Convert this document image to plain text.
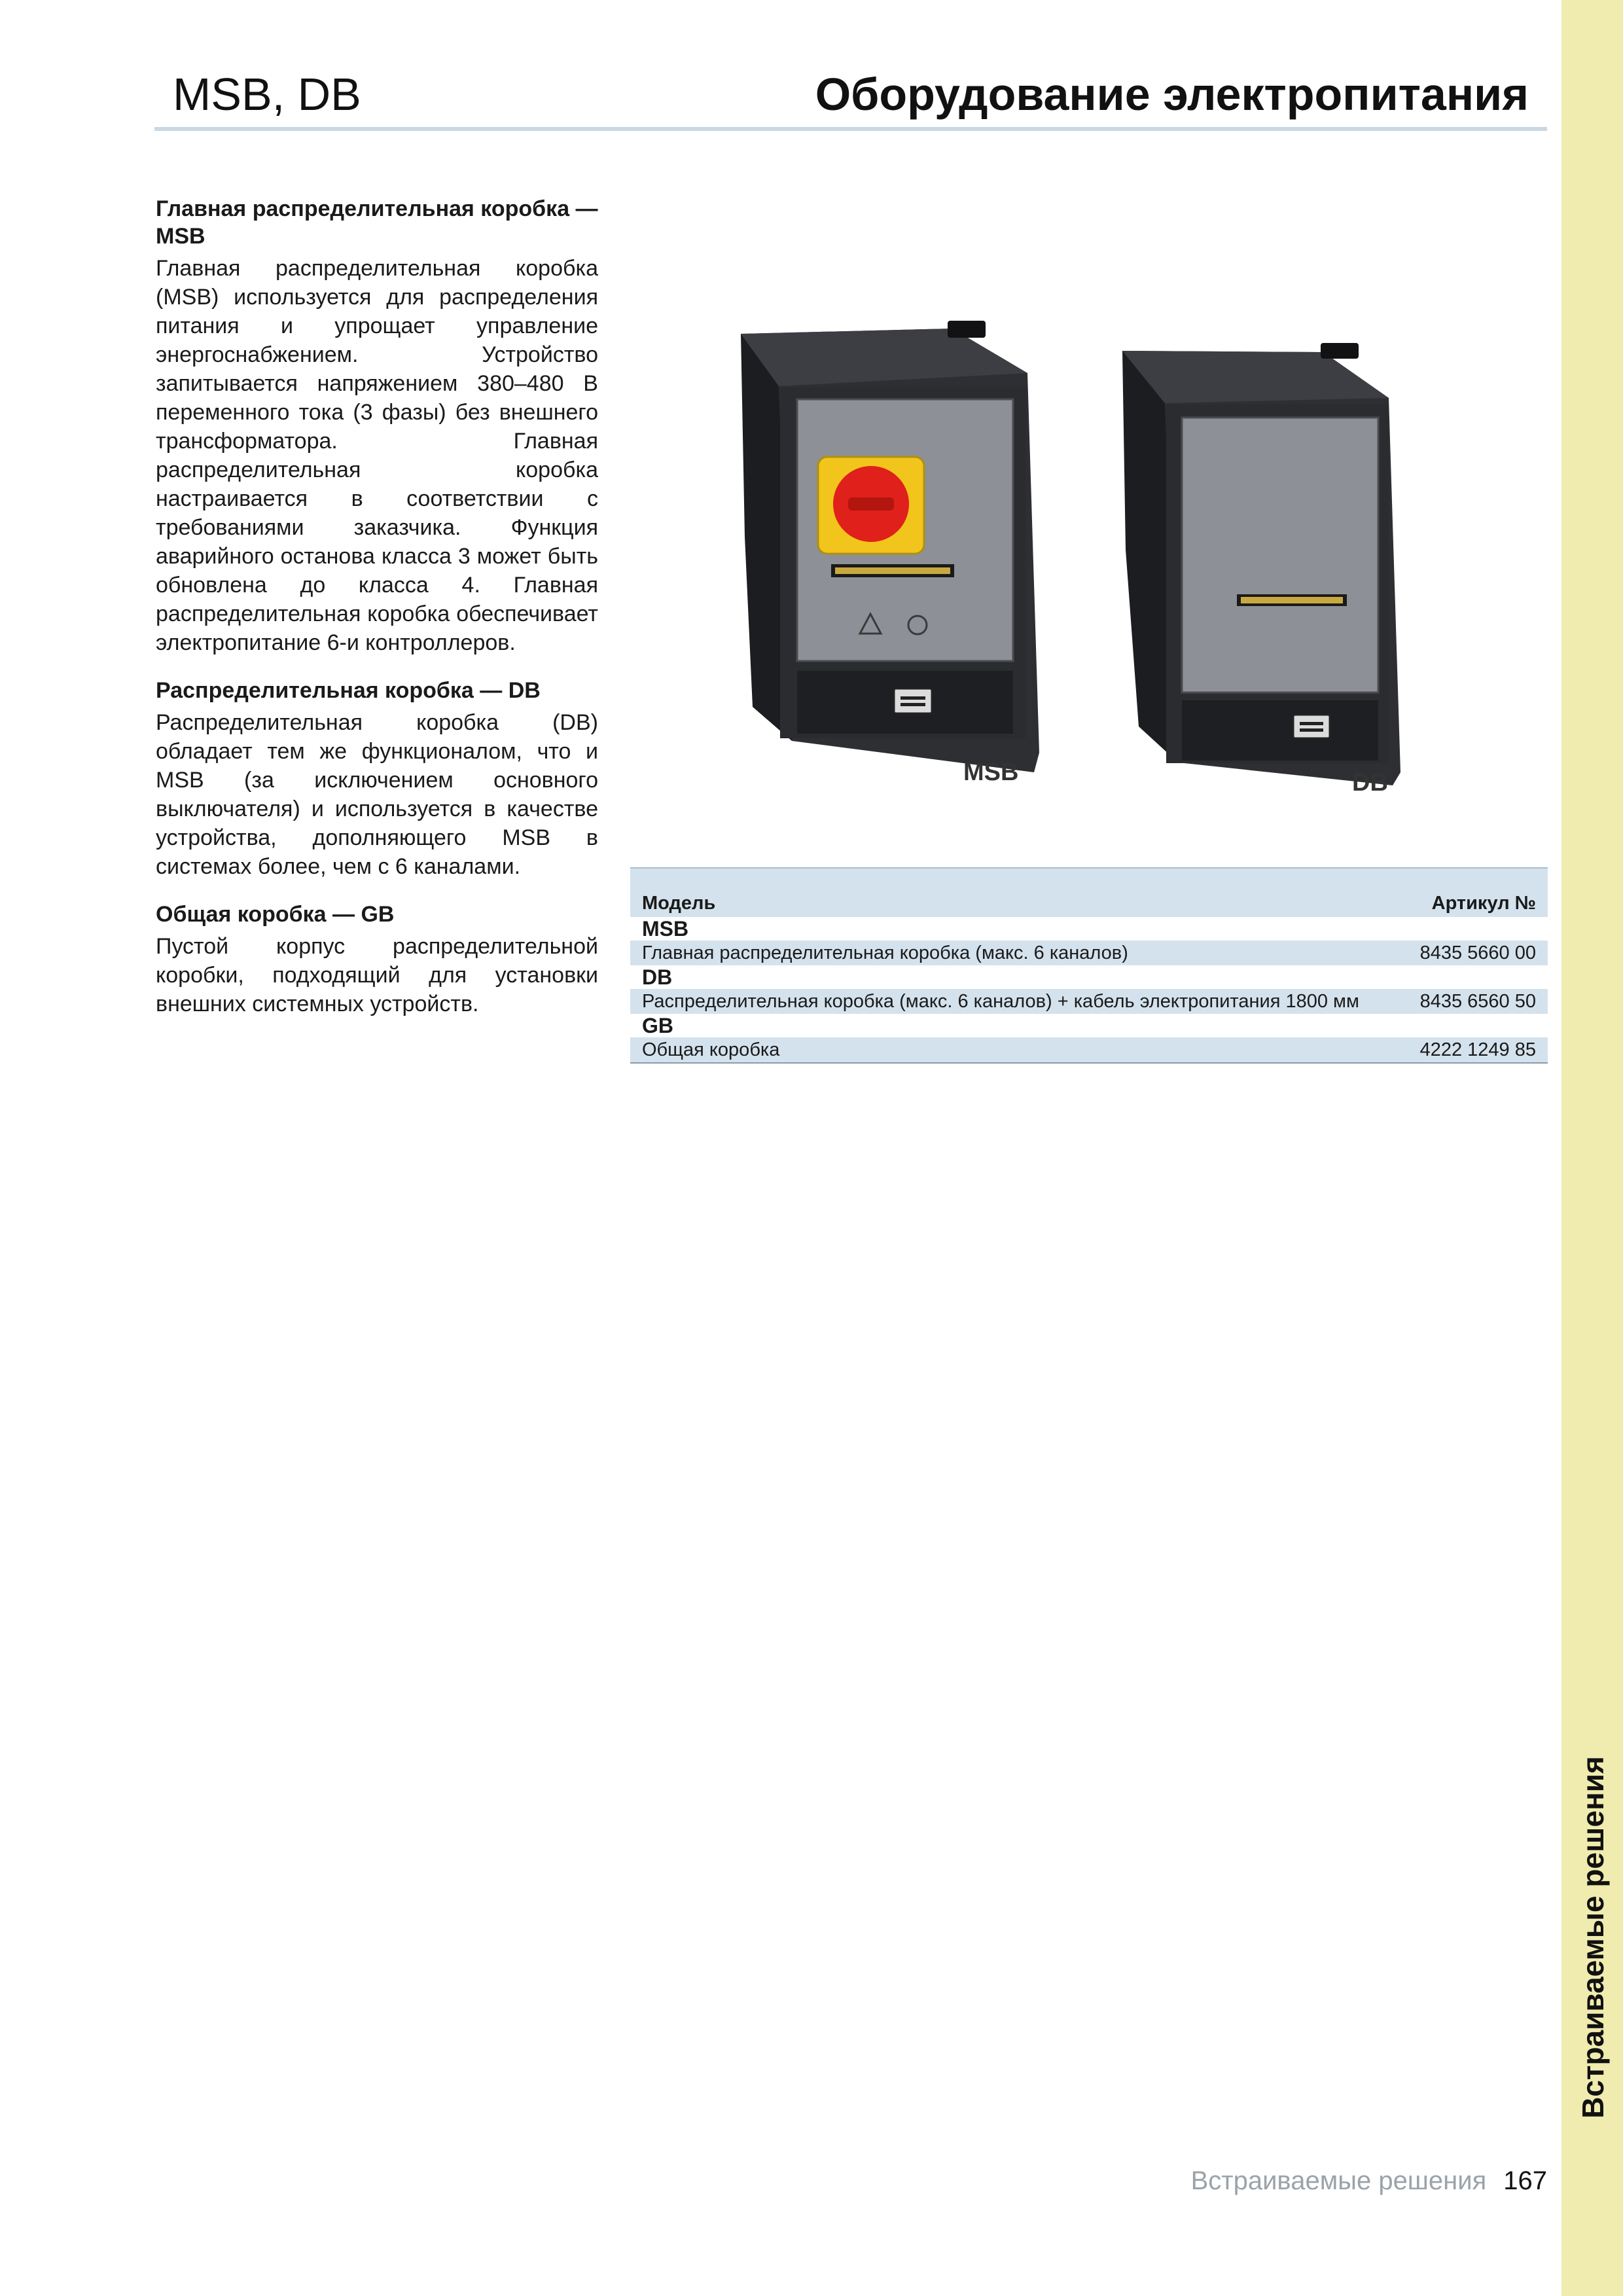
Встраиваемые решения
MSB, DB	Оборудование электропитания

Главная распределительная коробка — MSB

Главная распределительная коробка (MSB) используется для распределения питания и упрощает управление энергоснабжением. Устройство запитывается напряжением 380–480 В переменного тока (3 фазы) без внешнего трансформатора. Главная распределительная коробка настраивается в соответствии с требованиями заказчика. Функция аварийного останова класса 3 может быть обновлена до класса 4. Главная распределительная коробка обеспечивает электропитание 6-и контроллеров.

Распределительная коробка — DB

Распределительная коробка (DB) обладает тем же функционалом, что и MSB (за исключением основного выключателя) и используется в качестве устройства, дополняющего MSB в системах более, чем с 6 каналами.

Общая коробка — GB

Пустой корпус распределительной коробки, подходящий для установки внешних системных устройств.

MSB	DB
Модель	Артикул №
MSB	
Главная распределительная коробка (макс. 6 каналов)	8435 5660 00
DB	
Распределительная коробка (макс. 6 каналов) + кабель электропитания 1800 мм	8435 6560 50
GB	
Общая коробка	4222 1249 85
Встраиваемые решения 167
